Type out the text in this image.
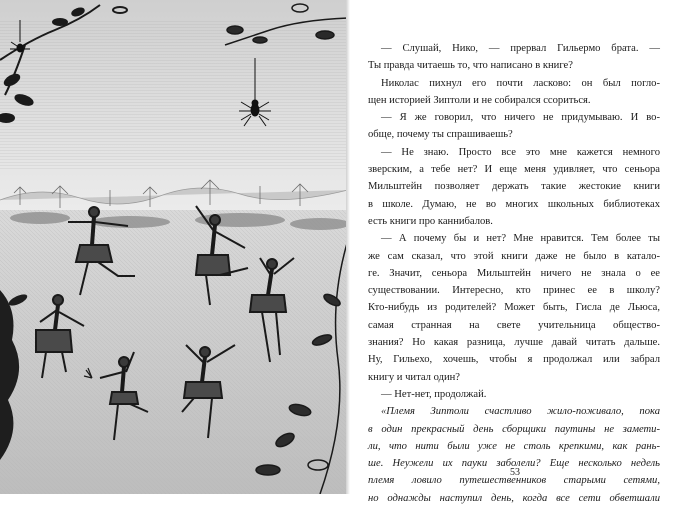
— Слушай, Нико, — прервал Гильермо брата. —
Ты правда читаешь то, что написано в книге?
Николас пихнул его почти ласково: он был погло-
щен историей Зиптоли и не собирался ссориться.
— Я же говорил, что ничего не придумываю. И во-
обще, почему ты спрашиваешь?
— Не знаю. Просто все это мне кажется немного
зверским, а тебе нет? И еще меня удивляет, что сеньора
Мильштейн позволяет держать такие жестокие книги
в школе. Думаю, не во многих школьных библиотеках
есть книги про каннибалов.
— А почему бы и нет? Мне нравится. Тем более ты
же сам сказал, что этой книги даже не было в катало-
ге. Значит, сеньора Мильштейн ничего не знала о ее
существовании. Интересно, кто принес ее в школу?
Кто-нибудь из родителей? Может быть, Гисла де Льюса,
самая странная на свете учительница обществo-
знания? Но какая разница, лучше давай читать дальше.
Ну, Гильехо, хочешь, чтобы я продолжал или забрал
книгу и читал один?
— Нет-нет, продолжай.
«Племя Зиптоли счастливо жило-поживало, пока
в один прекрасный день сборщики паутины не замети-
ли, что нити были уже не столь крепкими, как рань-
ше. Неужели их пауки заболели? Еще несколько недель
племя ловило путешественников старыми сетями,
но однажды наступил день, когда все сети обветшали
53
